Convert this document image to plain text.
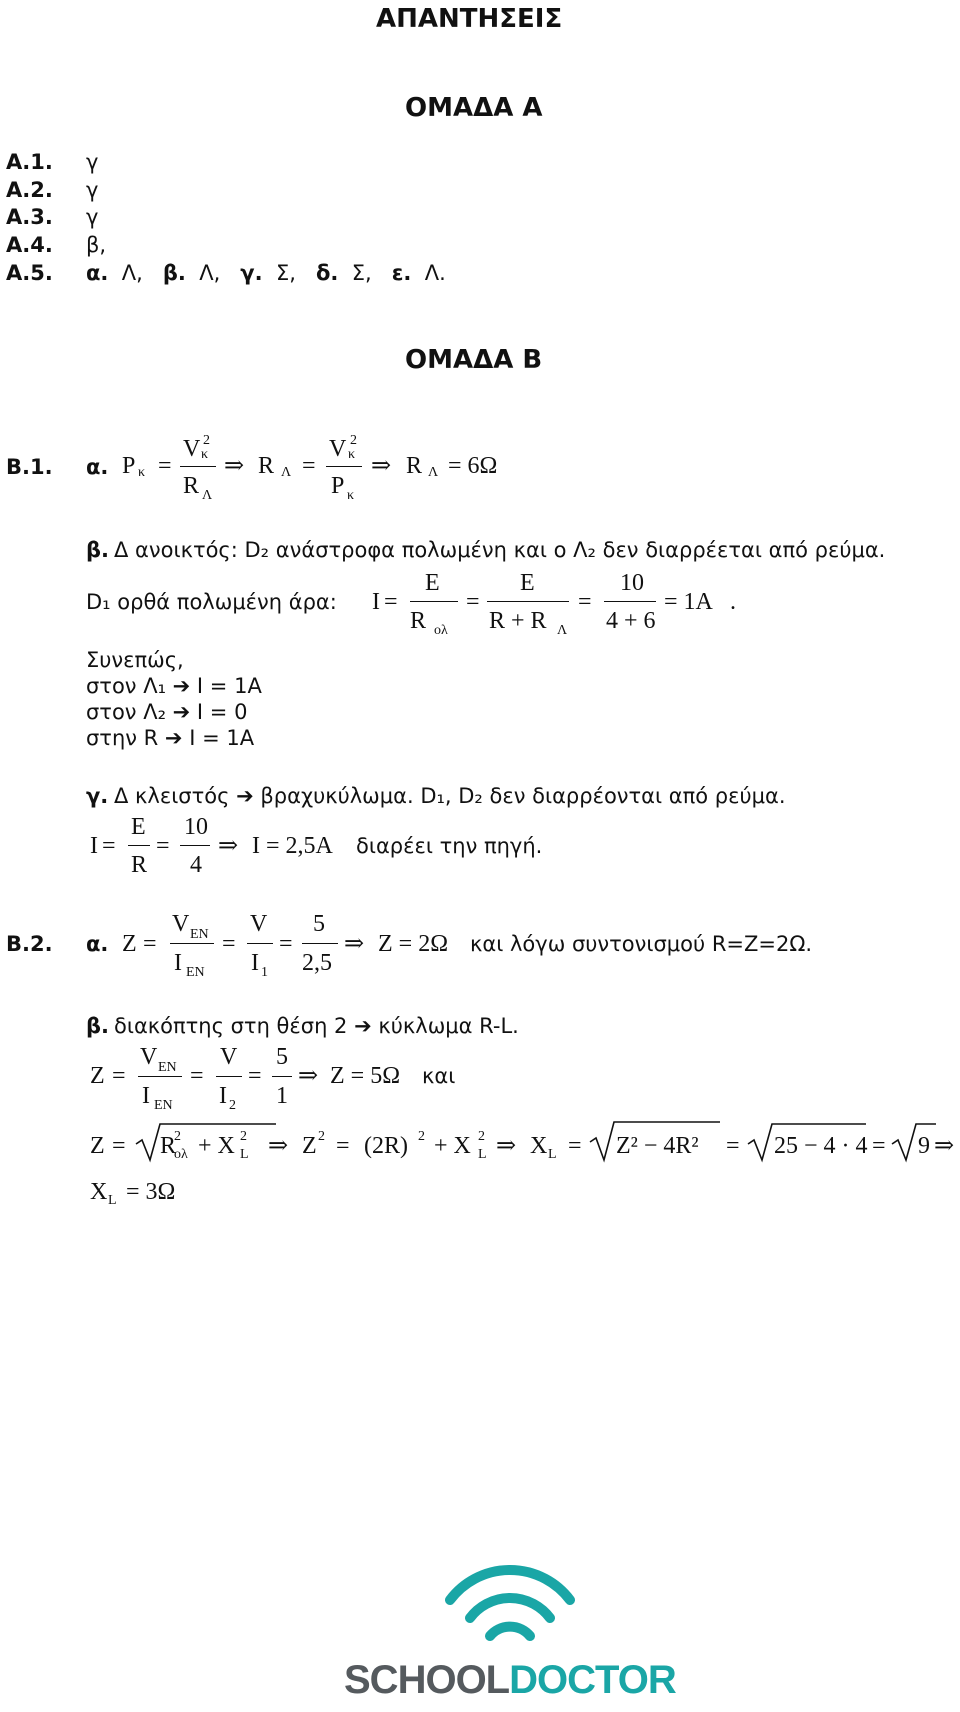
ΑΠΑΝΤΗΣΕΙΣ
ΟΜΑΔΑ Α
Α.1. γ
Α.2. γ
Α.3. γ
Α.4. β,
Α.5. α. Λ, β. Λ, γ. Σ, δ. Σ, ε. Λ.
ΟΜΑΔΑ Β
Β.1. α. P κ =
V 2
κ
R Λ
⇒ R Λ =
V 2
κ
P κ
⇒ R Λ = 6Ω
β. Δ ανοικτός: D₂ ανάστροφα πολωμένη και ο Λ₂ δεν διαρρέεται από ρεύμα.
D₁ ορθά πολωμένη άρα: I =
E
R ολ
=
E
R + R Λ
=
10
4 + 6
= 1A .
Συνεπώς,
στον Λ₁ ➔ I = 1A
στον Λ₂ ➔ I = 0
στην R ➔ I = 1A
γ. Δ κλειστός ➔ βραχυκύλωμα. D₁, D₂ δεν διαρρέονται από ρεύμα.
I =
E
R
=
10
4
⇒ I = 2,5A διαρέει την πηγή.
Β.2. α. Z =
V EN
I EN
=
V
I 1
=
5
2,5
⇒ Z = 2Ω και λόγω συντονισμού R=Z=2Ω.
β. διακόπτης στη θέση 2 ➔ κύκλωμα R-L.
Z =
V EN
I EN
=
V
I 2
=
5
1
⇒ Z = 5Ω και
Z = R
2
ολ + X 2
L ⇒ Z 2 = (2R) 2 + X 2
L ⇒ X L = Z² − 4R² = 25 − 4 · 4 = 9 ⇒
X L = 3Ω
SCHOOLDOCTOR
